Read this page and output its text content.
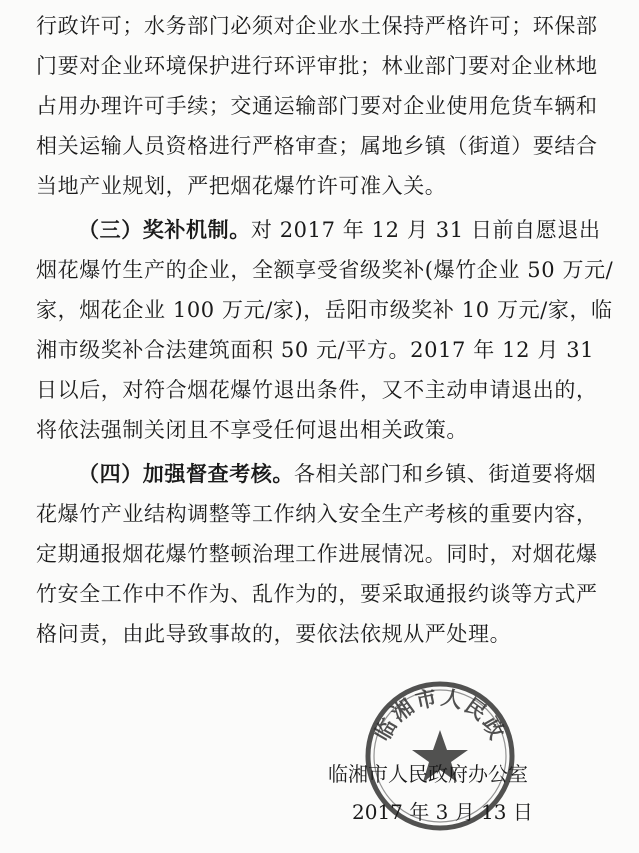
行政许可；水务部门必须对企业水土保持严格许可；环保部门要对企业环境保护进行环评审批；林业部门要对企业林地占用办理许可手续；交通运输部门要对企业使用危货车辆和相关运输人员资格进行严格审查；属地乡镇（街道）要结合当地产业规划，严把烟花爆竹许可准入关。

（三）奖补机制。对 2017 年 12 月 31 日前自愿退出烟花爆竹生产的企业，全额享受省级奖补(爆竹企业 50 万元/家，烟花企业 100 万元/家)，岳阳市级奖补 10 万元/家，临湘市级奖补合法建筑面积 50 元/平方。2017 年 12 月 31 日以后，对符合烟花爆竹退出条件，又不主动申请退出的，将依法强制关闭且不享受任何退出相关政策。

（四）加强督查考核。各相关部门和乡镇、街道要将烟花爆竹产业结构调整等工作纳入安全生产考核的重要内容，定期通报烟花爆竹整顿治理工作进展情况。同时，对烟花爆竹安全工作中不作为、乱作为的，要采取通报约谈等方式严格问责，由此导致事故的，要依法依规从严处理。

临湘市人民政
临湘市人民政府办公室
2017 年 3 月 13 日
